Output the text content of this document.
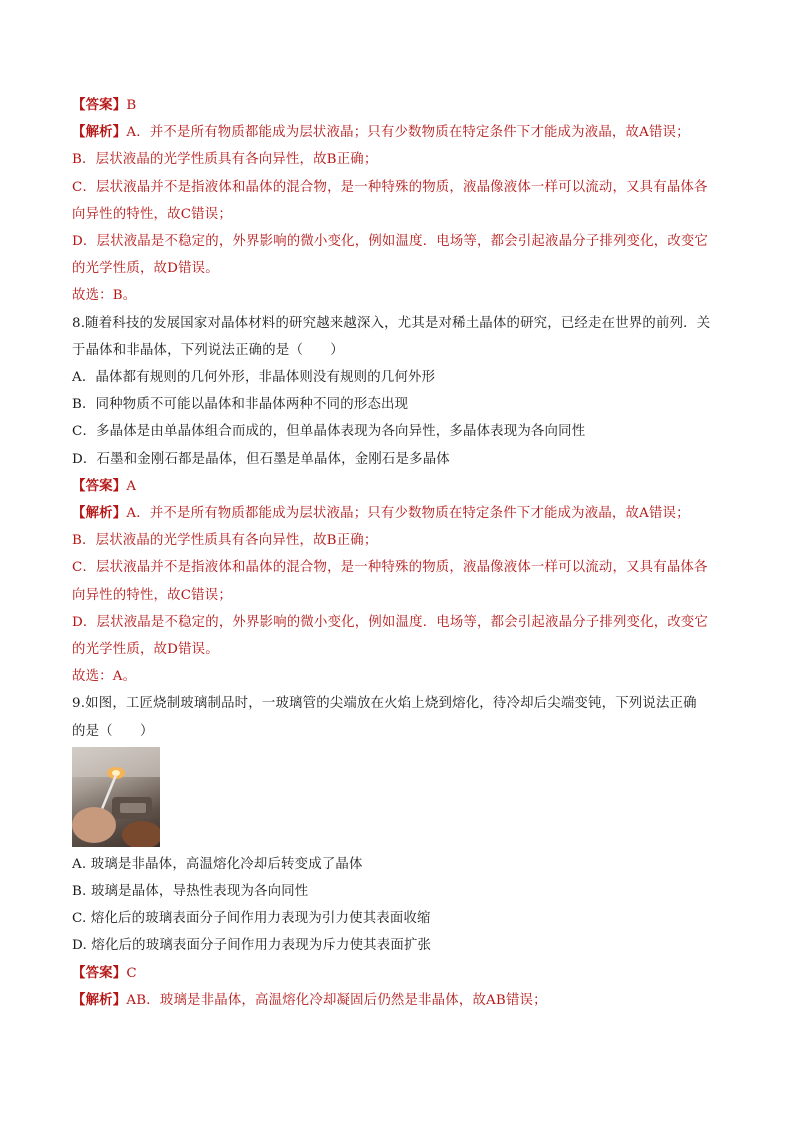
【答案】B
【解析】A．并不是所有物质都能成为层状液晶；只有少数物质在特定条件下才能成为液晶，故A错误；
B．层状液晶的光学性质具有各向异性，故B正确；
C．层状液晶并不是指液体和晶体的混合物，是一种特殊的物质，液晶像液体一样可以流动，又具有晶体各
向异性的特性，故C错误；
D．层状液晶是不稳定的，外界影响的微小变化，例如温度．电场等，都会引起液晶分子排列变化，改变它
的光学性质，故D错误。
故选：B。
8.随着科技的发展国家对晶体材料的研究越来越深入，尤其是对稀土晶体的研究，已经走在世界的前列．关
于晶体和非晶体，下列说法正确的是（　　）
A．晶体都有规则的几何外形，非晶体则没有规则的几何外形
B．同种物质不可能以晶体和非晶体两种不同的形态出现
C．多晶体是由单晶体组合而成的，但单晶体表现为各向异性，多晶体表现为各向同性
D．石墨和金刚石都是晶体，但石墨是单晶体，金刚石是多晶体
【答案】A
【解析】A．并不是所有物质都能成为层状液晶；只有少数物质在特定条件下才能成为液晶，故A错误；
B．层状液晶的光学性质具有各向异性，故B正确；
C．层状液晶并不是指液体和晶体的混合物，是一种特殊的物质，液晶像液体一样可以流动，又具有晶体各
向异性的特性，故C错误；
D．层状液晶是不稳定的，外界影响的微小变化，例如温度．电场等，都会引起液晶分子排列变化，改变它
的光学性质，故D错误。
故选：A。
9.如图，工匠烧制玻璃制品时，一玻璃管的尖端放在火焰上烧到熔化，待冷却后尖端变钝，下列说法正确
的是（　　）
A. 玻璃是非晶体，高温熔化冷却后转变成了晶体
B. 玻璃是晶体，导热性表现为各向同性
C. 熔化后的玻璃表面分子间作用力表现为引力使其表面收缩
D. 熔化后的玻璃表面分子间作用力表现为斥力使其表面扩张
【答案】C
【解析】AB．玻璃是非晶体，高温熔化冷却凝固后仍然是非晶体，故AB错误；
